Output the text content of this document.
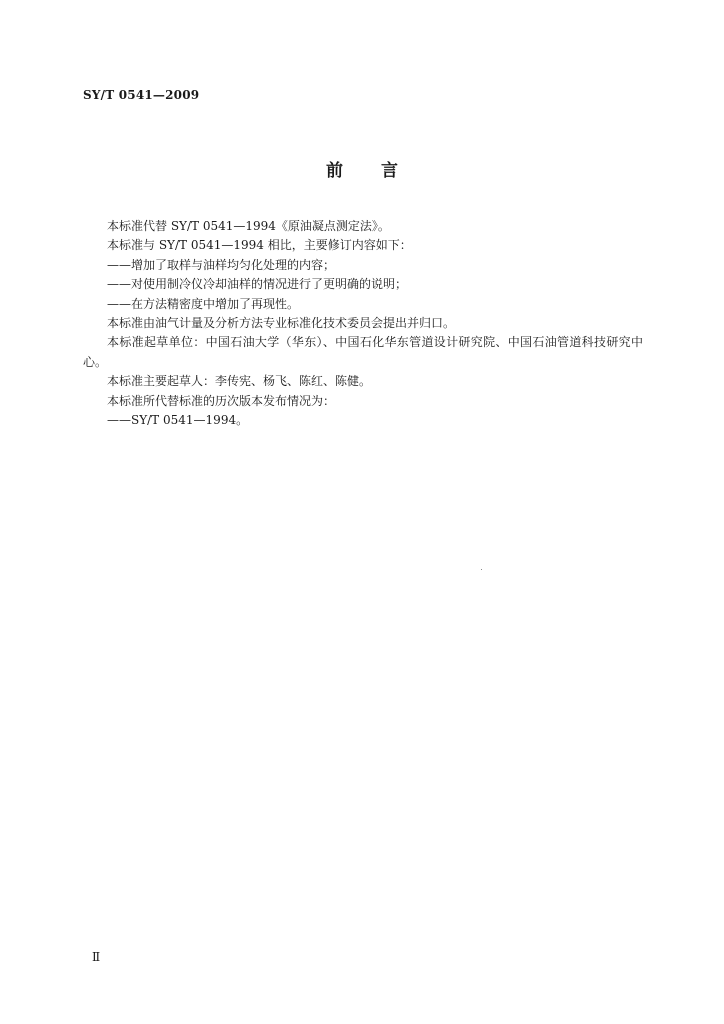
SY/T 0541—2009
前 言

本标准代替 SY/T 0541—1994《原油凝点测定法》。

本标准与 SY/T 0541—1994 相比，主要修订内容如下：

——增加了取样与油样均匀化处理的内容；

——对使用制冷仪冷却油样的情况进行了更明确的说明；

——在方法精密度中增加了再现性。

本标准由油气计量及分析方法专业标准化技术委员会提出并归口。

本标准起草单位：中国石油大学（华东）、中国石化华东管道设计研究院、中国石油管道科技研究中心。

本标准主要起草人：李传宪、杨飞、陈红、陈健。

本标准所代替标准的历次版本发布情况为：

——SY/T 0541—1994。

Ⅱ
